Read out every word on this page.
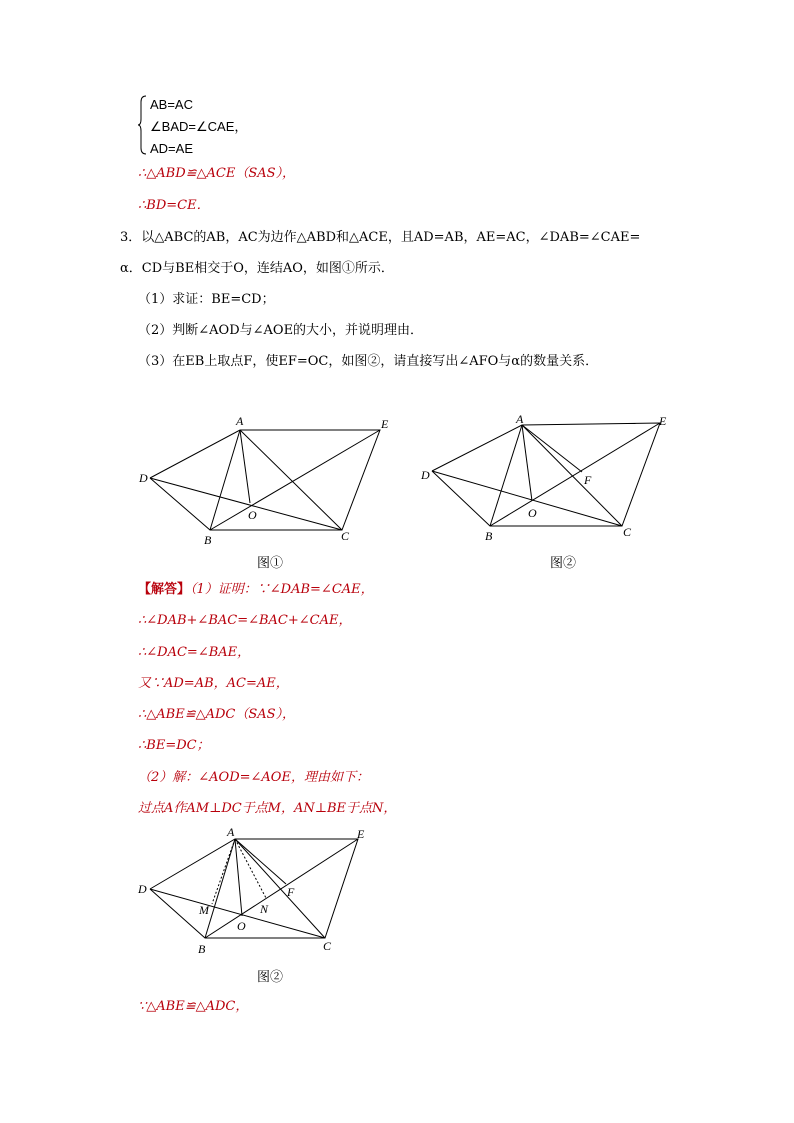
AB=AC
∠BAD=∠CAE，
AD=AE
∴△ABD≌△ACE（SAS），
∴BD=CE．
3．以△ABC的AB，AC为边作△ABD和△ACE，且AD=AB，AE=AC，∠DAB=∠CAE=
α．CD与BE相交于O，连结AO，如图①所示．
（1）求证：BE=CD；
（2）判断∠AOD与∠AOE的大小，并说明理由．
（3）在EB上取点F，使EF=OC，如图②，请直接写出∠AFO与α的数量关系．
A	E
D
B	C
O
图①
A	E
D
B	C
O
F
图②
【解答】（1）证明：∵∠DAB=∠CAE，
∴∠DAB+∠BAC=∠BAC+∠CAE，
∴∠DAC=∠BAE，
又∵AD=AB，AC=AE，
∴△ABE≌△ADC（SAS），
∴BE=DC；
（2）解：∠AOD=∠AOE，理由如下：
过点A作AM⊥DC于点M，AN⊥BE于点N，
A	E
D
B	C
O
F
M	N
图②
∵△ABE≌△ADC，
